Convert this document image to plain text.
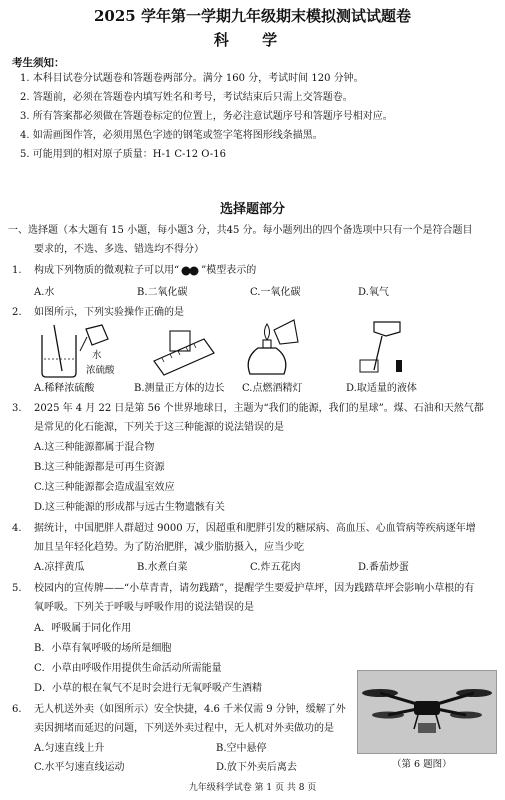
2025 学年第一学期九年级期末模拟测试试题卷
科 学
考生须知：
1. 本科目试卷分试题卷和答题卷两部分。满分 160 分，考试时间 120 分钟。
2. 答题前，必须在答题卷内填写姓名和考号，考试结束后只需上交答题卷。
3. 所有答案都必须做在答题卷标定的位置上，务必注意试题序号和答题序号相对应。
4. 如需画图作答，必须用黑色字迹的钢笔或签字笔将图形线条描黑。
5. 可能用到的相对原子质量：H-1 C-12 O-16
选择题部分
一、选择题（本大题有 15 小题，每小题3 分，共45 分。每小题列出的四个备选项中只有一个是符合题目
要求的，不选、多选、错选均不得分）
1. 构成下列物质的微观粒子可以用“ ”模型表示的
A.水	B.二氧化碳	C.一氧化碳	D.氧气
2. 如图所示，下列实验操作正确的是
水
浓硫酸
A.稀释浓硫酸	B.测量正方体的边长 C.点燃酒精灯	D.取适量的液体
3. 2025 年 4 月 22 日是第 56 个世界地球日，主题为“我们的能源，我们的星球”。煤、石油和天然气都
是常见的化石能源，下列关于这三种能源的说法错误的是
A.这三种能源都属于混合物
B.这三种能源都是可再生资源
C.这三种能源都会造成温室效应
D.这三种能源的形成都与远古生物遗骸有关
4. 据统计，中国肥胖人群超过 9000 万，因超重和肥胖引发的糖尿病、高血压、心血管病等疾病逐年增
加且呈年轻化趋势。为了防治肥胖，减少脂肪摄入，应当少吃
A.凉拌黄瓜	B.水煮白菜	C.炸五花肉	D.番茄炒蛋
5. 校园内的宣传牌——“小草青青，请勿践踏”，提醒学生要爱护草坪，因为践踏草坪会影响小草根的有
氧呼吸。下列关于呼吸与呼吸作用的说法错误的是
A．呼吸属于同化作用
B．小草有氧呼吸的场所是细胞
C．小草由呼吸作用提供生命活动所需能量
D．小草的根在氧气不足时会进行无氧呼吸产生酒精
6. 无人机送外卖（如图所示）安全快捷，4.6 千米仅需 9 分钟，缓解了外
卖因拥堵而延迟的问题，下列送外卖过程中，无人机对外卖做功的是
A.匀速直线上升	B.空中悬停
C.水平匀速直线运动	D.放下外卖后离去	（第 6 题图）
九年级科学试卷 第 1 页 共 8 页
